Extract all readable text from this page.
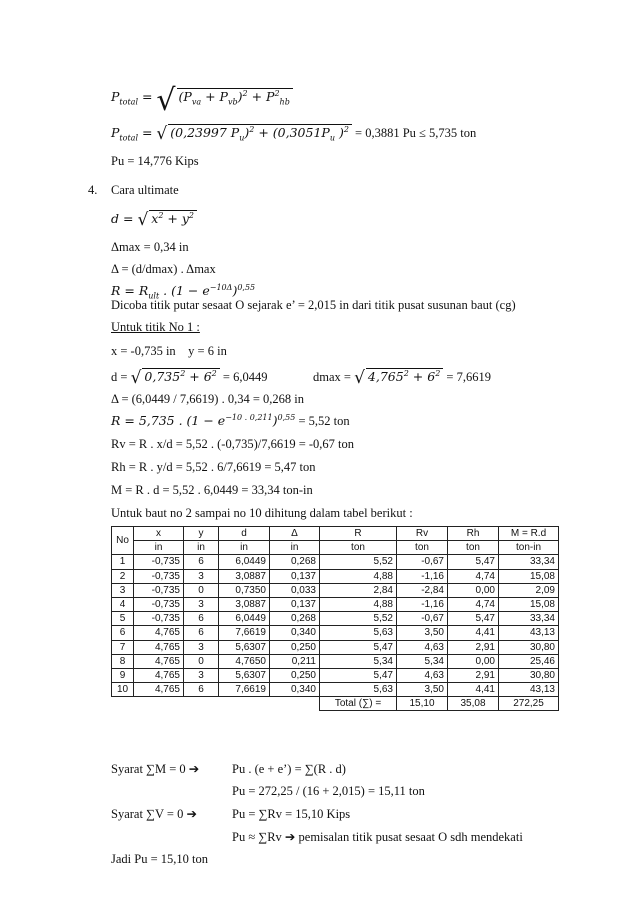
$P_{total}$ = √ $(P_{va} + P_{vb})^2 + P^2_{hb}$
$P_{total}$ = √ (0,23997 $P_u)^2 + (0,3051P_u$ )$^2$ = 0,3881 Pu ≤ 5,735 ton
Pu = 14,776 Kips
4. Cara ultimate
d = √ $x^2 + y^2$
Δmax = 0,34 in
Δ = (d/dmax) . Δmax
$R = R_{ult}$ . $(1 - e^{-10\Delta})^{0,55}$
Dicoba titik putar sesaat O sejarak e’ = 2,015 in dari titik pusat susunan baut (cg)
Untuk titik No 1 :
x = -0,735 in    y = 6 in
d = √ $0,735^2 + 6^2 = 6,0449$	dmax = √ $4,765^2 + 6^2 = 7,6619$
Δ = (6,0449 / 7,6619) . 0,34 = 0,268 in
R = 5,735 . $(1 - e^{-10 . 0,211})^{0,55} = 5,52$ ton
Rv = R . x/d = 5,52 . (-0,735)/7,6619 = -0,67 ton
Rh = R . y/d = 5,52 . 6/7,6619 = 5,47 ton
M = R . d = 5,52 . 6,0449 = 33,34 ton-in
Untuk baut no 2 sampai no 10 dihitung dalam tabel berikut :
No	x	y	d	Δ	R	Rv	Rh	M = R.d
	in	in	in	in	ton	ton	ton	ton-in
1	-0,735	6	6,0449	0,268	5,52	-0,67	5,47	33,34
2	-0,735	3	3,0887	0,137	4,88	-1,16	4,74	15,08
3	-0,735	0	0,7350	0,033	2,84	-2,84	0,00	2,09
4	-0,735	3	3,0887	0,137	4,88	-1,16	4,74	15,08
5	-0,735	6	6,0449	0,268	5,52	-0,67	5,47	33,34
6	4,765	6	7,6619	0,340	5,63	3,50	4,41	43,13
7	4,765	3	5,6307	0,250	5,47	4,63	2,91	30,80
8	4,765	0	4,7650	0,211	5,34	5,34	0,00	25,46
9	4,765	3	5,6307	0,250	5,47	4,63	2,91	30,80
10	4,765	6	7,6619	0,340	5,63	3,50	4,41	43,13
					Total (∑) =	15,10	35,08	272,25
Syarat ∑M = 0 ➔	Pu . (e + e’) = ∑(R . d)
Pu = 272,25 / (16 + 2,015) = 15,11 ton
Syarat ∑V = 0 ➔	Pu = ∑Rv = 15,10 Kips
Pu ≈ ∑Rv ➔ pemisalan titik pusat sesaat O sdh mendekati
Jadi Pu = 15,10 ton
